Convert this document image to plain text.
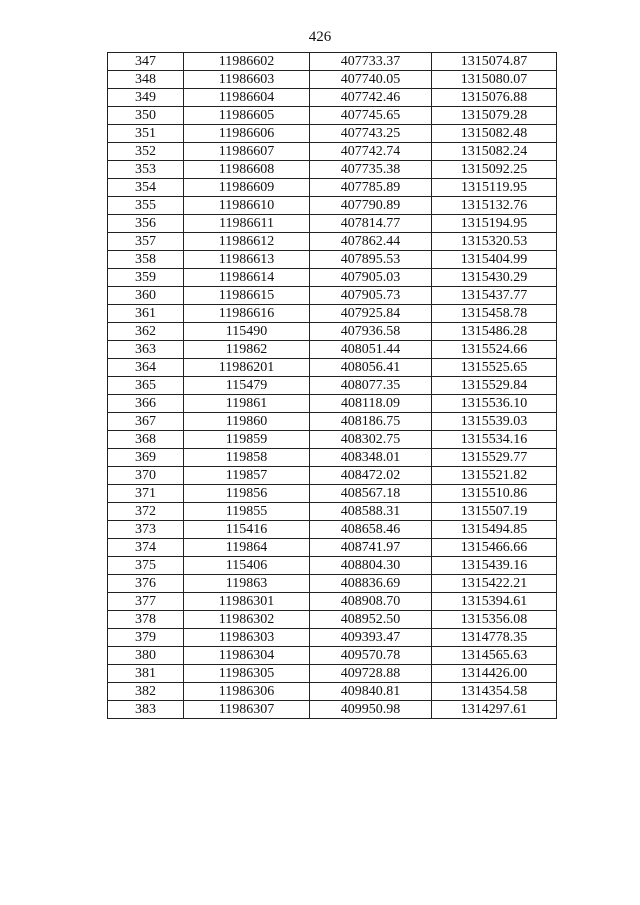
426
347	11986602	407733.37	1315074.87
348	11986603	407740.05	1315080.07
349	11986604	407742.46	1315076.88
350	11986605	407745.65	1315079.28
351	11986606	407743.25	1315082.48
352	11986607	407742.74	1315082.24
353	11986608	407735.38	1315092.25
354	11986609	407785.89	1315119.95
355	11986610	407790.89	1315132.76
356	11986611	407814.77	1315194.95
357	11986612	407862.44	1315320.53
358	11986613	407895.53	1315404.99
359	11986614	407905.03	1315430.29
360	11986615	407905.73	1315437.77
361	11986616	407925.84	1315458.78
362	115490	407936.58	1315486.28
363	119862	408051.44	1315524.66
364	11986201	408056.41	1315525.65
365	115479	408077.35	1315529.84
366	119861	408118.09	1315536.10
367	119860	408186.75	1315539.03
368	119859	408302.75	1315534.16
369	119858	408348.01	1315529.77
370	119857	408472.02	1315521.82
371	119856	408567.18	1315510.86
372	119855	408588.31	1315507.19
373	115416	408658.46	1315494.85
374	119864	408741.97	1315466.66
375	115406	408804.30	1315439.16
376	119863	408836.69	1315422.21
377	11986301	408908.70	1315394.61
378	11986302	408952.50	1315356.08
379	11986303	409393.47	1314778.35
380	11986304	409570.78	1314565.63
381	11986305	409728.88	1314426.00
382	11986306	409840.81	1314354.58
383	11986307	409950.98	1314297.61
